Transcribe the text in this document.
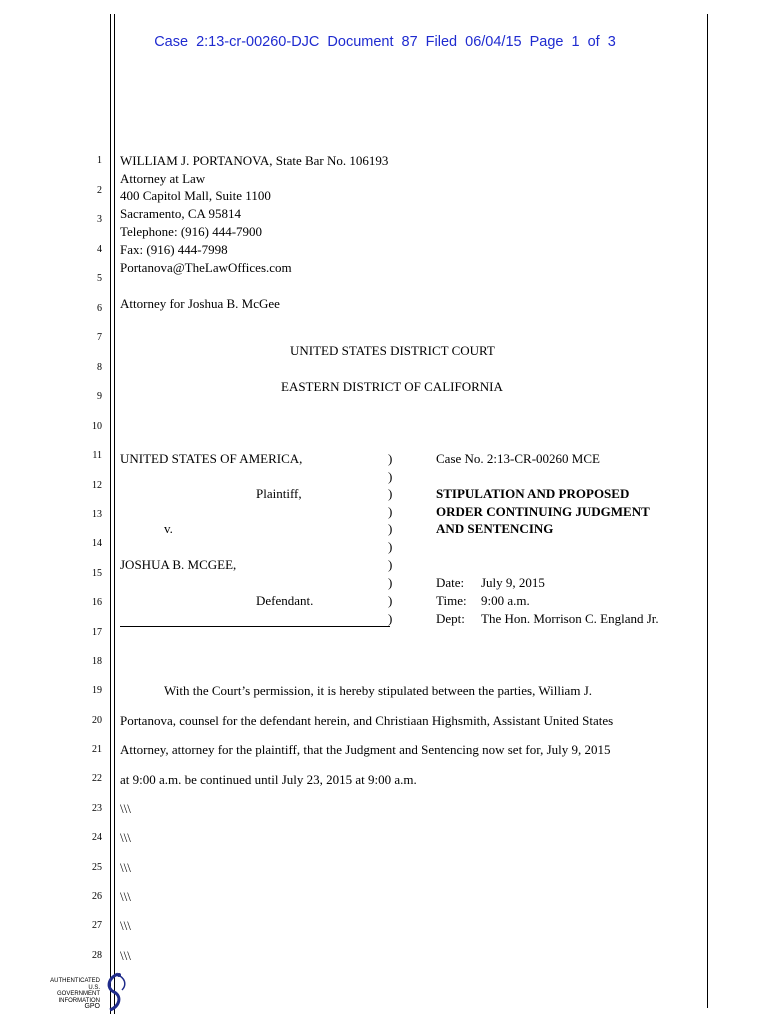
Case 2:13-cr-00260-DJC Document 87 Filed 06/04/15 Page 1 of 3
1
2
3
4
5
6
7
8
9
10
11
12
13
14
15
16
17
18
19
20
21
22
23
24
25
26
27
28
WILLIAM J. PORTANOVA, State Bar No. 106193
Attorney at Law
400 Capitol Mall, Suite 1100
Sacramento, CA 95814
Telephone: (916) 444-7900
Fax: (916) 444-7998
Portanova@TheLawOffices.com
Attorney for Joshua B. McGee
UNITED STATES DISTRICT COURT
EASTERN DISTRICT OF CALIFORNIA
UNITED STATES OF AMERICA,
Plaintiff,
v.
JOSHUA B. MCGEE,
Defendant.
)
)
)
)
)
)
)
)
)
)
Case No. 2:13-CR-00260 MCE
STIPULATION AND PROPOSED
ORDER CONTINUING JUDGMENT
AND SENTENCING
Date: July 9, 2015
Time: 9:00 a.m.
Dept: The Hon. Morrison C. England Jr.
With the Court’s permission, it is hereby stipulated between the parties, William J.
Portanova, counsel for the defendant herein, and Christiaan Highsmith, Assistant United States
Attorney, attorney for the plaintiff, that the Judgment and Sentencing now set for, July 9, 2015
at 9:00 a.m. be continued until July 23, 2015 at 9:00 a.m.
\\\
\\\
\\\
\\\
\\\
\\\
AUTHENTICATED
U.S. GOVERNMENT
INFORMATION
GPO
